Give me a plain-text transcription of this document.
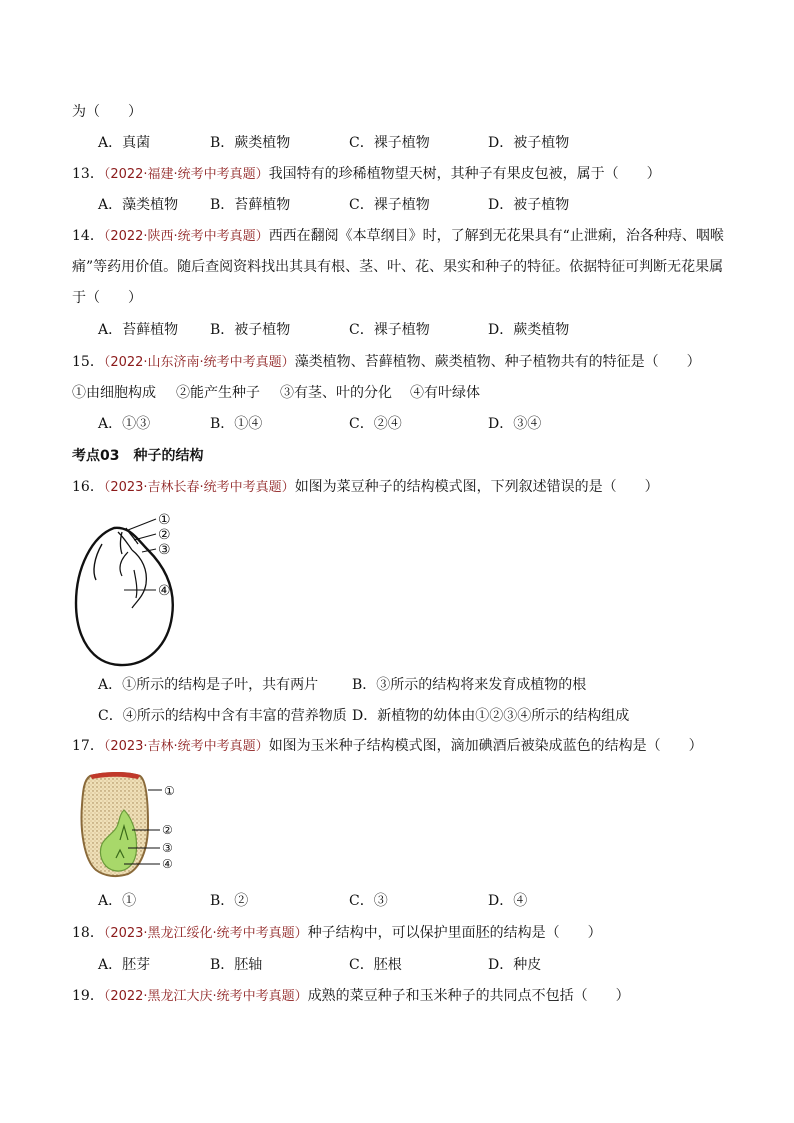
为（　　）
A．真菌	B．蕨类植物	C．裸子植物	D．被子植物
13．（2022·福建·统考中考真题）我国特有的珍稀植物望天树，其种子有果皮包被，属于（　　）
A．藻类植物 B．苔藓植物	C．裸子植物	D．被子植物
14．（2022·陕西·统考中考真题）西西在翻阅《本草纲目》时，了解到无花果具有“止泄痢，治各种痔、咽喉
痛”等药用价值。随后查阅资料找出其具有根、茎、叶、花、果实和种子的特征。依据特征可判断无花果属
于（　　）
A．苔藓植物 B．被子植物	C．裸子植物	D．蕨类植物
15．（2022·山东济南·统考中考真题）藻类植物、苔藓植物、蕨类植物、种子植物共有的特征是（　　）
①由细胞构成 ②能产生种子 ③有茎、叶的分化 ④有叶绿体
A．①③	B．①④	C．②④	D．③④
考点03　 种子的结构
16．（2023·吉林长春·统考中考真题）如图为菜豆种子的结构模式图，下列叙述错误的是（　　）
①
②
③
④
A．①所示的结构是子叶，共有两片 B．③所示的结构将来发育成植物的根
C．④所示的结构中含有丰富的营养物质 D．新植物的幼体由①②③④所示的结构组成
17．（2023·吉林·统考中考真题）如图为玉米种子结构模式图，滴加碘酒后被染成蓝色的结构是（　　）
①
②
③
④
A．①	B．②	C．③	D．④
18．（2023·黑龙江绥化·统考中考真题）种子结构中，可以保护里面胚的结构是（　　）
A．胚芽	B．胚轴	C．胚根	D．种皮
19．（2022·黑龙江大庆·统考中考真题）成熟的菜豆种子和玉米种子的共同点不包括（　　）
